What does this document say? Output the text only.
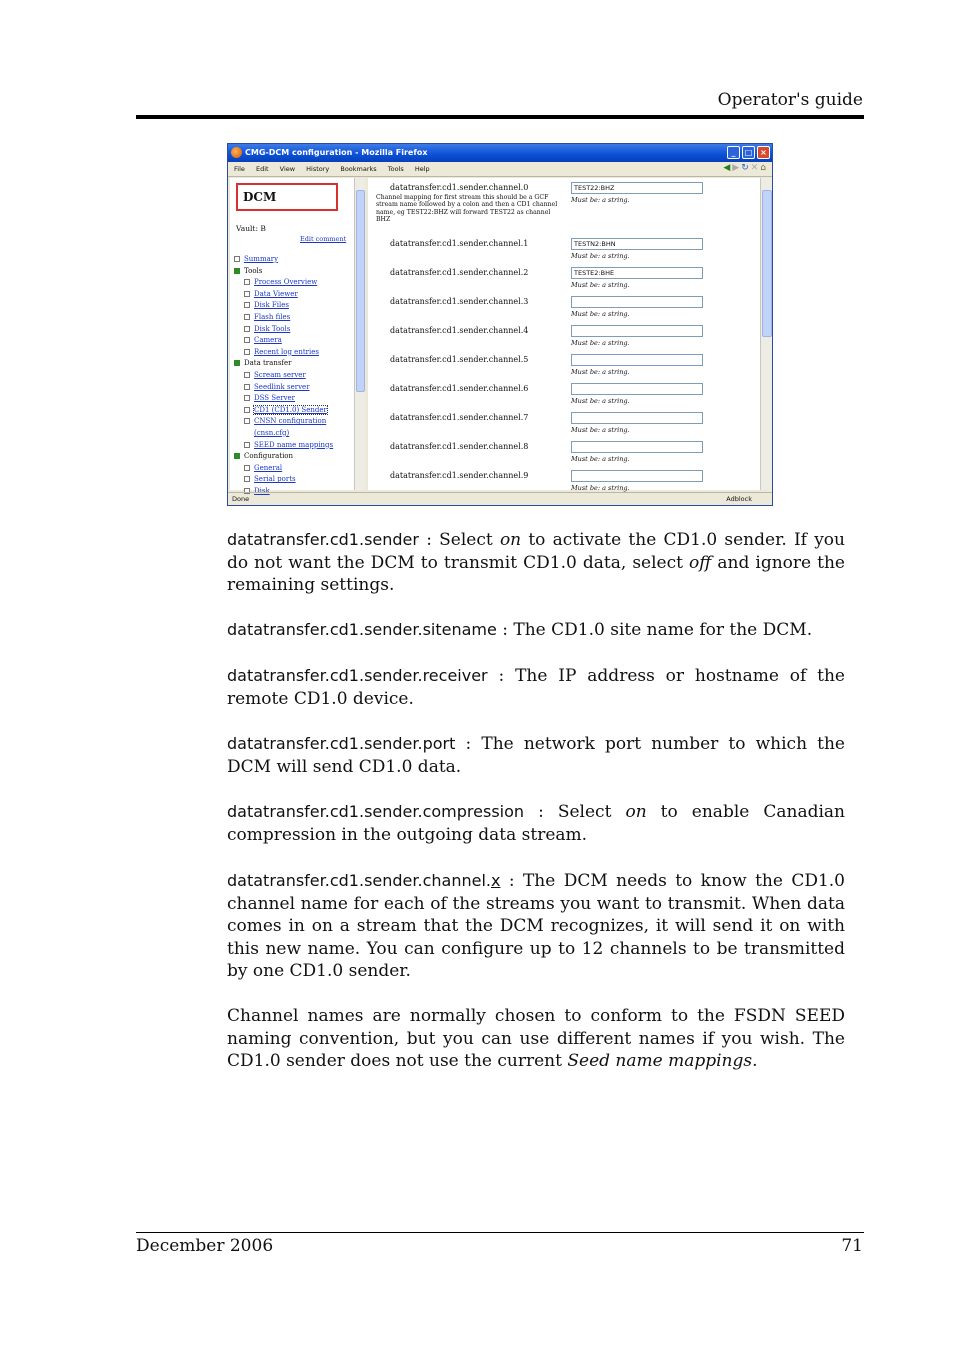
Operator's guide
CMG-DCM configuration - Mozilla Firefox	_	□ ×
File Edit View History Bookmarks Tools Help	◀▶↻✕⌂
DCM
Vault: B
Edit comment
Summary
Tools
Process Overview
Data Viewer
Disk Files
Flash files
Disk Tools
Camera
Recent log entries
Data transfer
Scream server
Seedlink server
DSS Server
CD1 (CD1.0) Sender
CNSN configuration
(cnsn.cfg)
SEED name mappings
Configuration
General
Serial ports
Disk
datatransfer.cd1.sender.channel.0	TEST22:BHZ
Must be: a string.
Channel mapping for first stream this should be a GCF stream name followed by a colon and then a CD1 channel name, eg TEST22:BHZ will forward TEST22 as channel BHZ
datatransfer.cd1.sender.channel.1	TESTN2:BHN
Must be: a string.
datatransfer.cd1.sender.channel.2	TESTE2:BHE
Must be: a string.
datatransfer.cd1.sender.channel.3
Must be: a string.
datatransfer.cd1.sender.channel.4
Must be: a string.
datatransfer.cd1.sender.channel.5
Must be: a string.
datatransfer.cd1.sender.channel.6
Must be: a string.
datatransfer.cd1.sender.channel.7
Must be: a string.
datatransfer.cd1.sender.channel.8
Must be: a string.
datatransfer.cd1.sender.channel.9
Must be: a string.
Done	Adblock
datatransfer.cd1.sender : Select on to activate the CD1.0 sender. If you do not want the DCM to transmit CD1.0 data, select off and ignore the remaining settings.
datatransfer.cd1.sender.sitename : The CD1.0 site name for the DCM.
datatransfer.cd1.sender.receiver : The IP address or hostname of the remote CD1.0 device.
datatransfer.cd1.sender.port : The network port number to which the DCM will send CD1.0 data.
datatransfer.cd1.sender.compression : Select on to enable Canadian compression in the outgoing data stream.
datatransfer.cd1.sender.channel.x : The DCM needs to know the CD1.0 channel name for each of the streams you want to transmit. When data comes in on a stream that the DCM recognizes, it will send it on with this new name. You can configure up to 12 channels to be transmitted by one CD1.0 sender.
Channel names are normally chosen to conform to the FSDN SEED naming convention, but you can use different names if you wish. The CD1.0 sender does not use the current Seed name mappings.
December 2006	71
